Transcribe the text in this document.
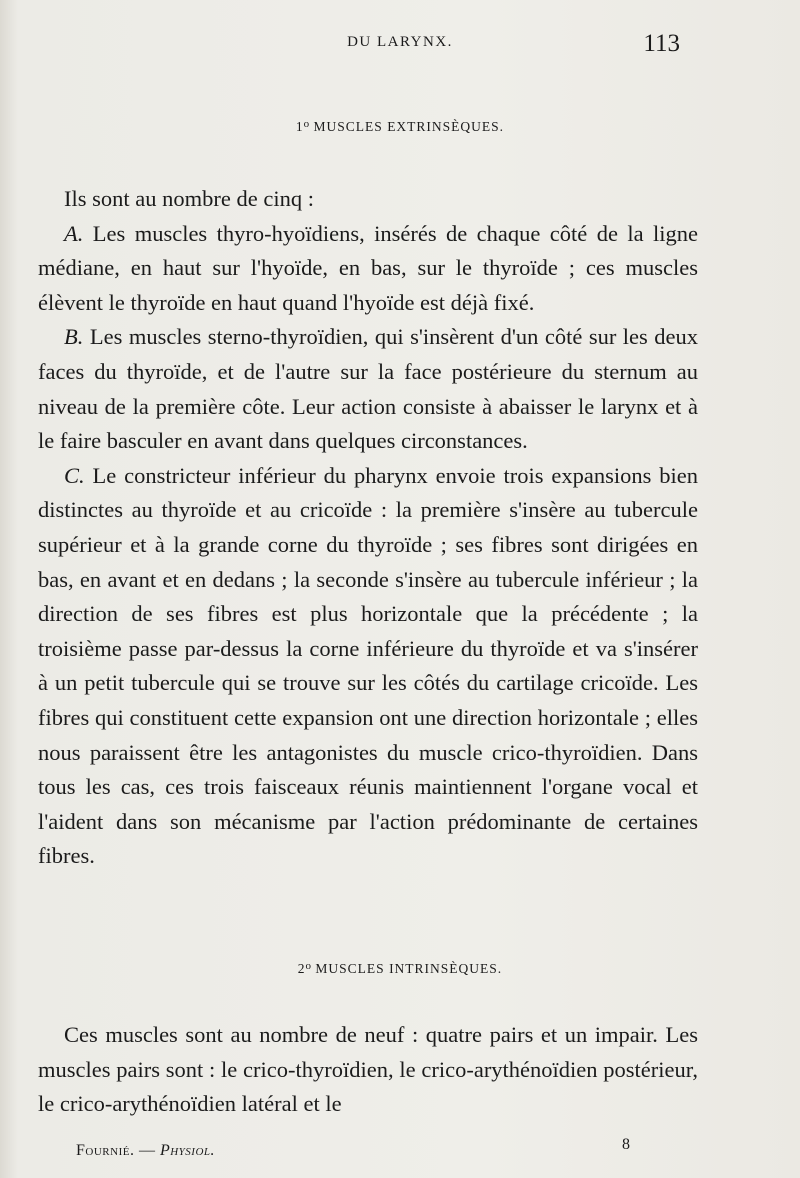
DU LARYNX.	113
1$^o$ MUSCLES EXTRINSÈQUES.

Ils sont au nombre de cinq :

A. Les muscles thyro-hyoïdiens, insérés de chaque côté de la ligne médiane, en haut sur l'hyoïde, en bas, sur le thyroïde ; ces muscles élèvent le thyroïde en haut quand l'hyoïde est déjà fixé.

B. Les muscles sterno-thyroïdien, qui s'insèrent d'un côté sur les deux faces du thyroïde, et de l'autre sur la face postérieure du sternum au niveau de la première côte. Leur action consiste à abaisser le larynx et à le faire basculer en avant dans quelques circonstances.

C. Le constricteur inférieur du pharynx envoie trois expansions bien distinctes au thyroïde et au cricoïde : la première s'insère au tubercule supérieur et à la grande corne du thyroïde ; ses fibres sont dirigées en bas, en avant et en dedans ; la seconde s'insère au tubercule inférieur ; la direction de ses fibres est plus horizontale que la précédente ; la troisième passe par-dessus la corne inférieure du thyroïde et va s'insérer à un petit tubercule qui se trouve sur les côtés du cartilage cricoïde. Les fibres qui constituent cette expansion ont une direction horizontale ; elles nous paraissent être les antagonistes du muscle crico-thyroïdien. Dans tous les cas, ces trois faisceaux réunis maintiennent l'organe vocal et l'aident dans son mécanisme par l'action prédominante de certaines fibres.

2$^o$ MUSCLES INTRINSÈQUES.

Ces muscles sont au nombre de neuf : quatre pairs et un impair. Les muscles pairs sont : le crico-thyroïdien, le crico-arythénoïdien postérieur, le crico-arythénoïdien latéral et le

Fournié. — Physiol.	8
